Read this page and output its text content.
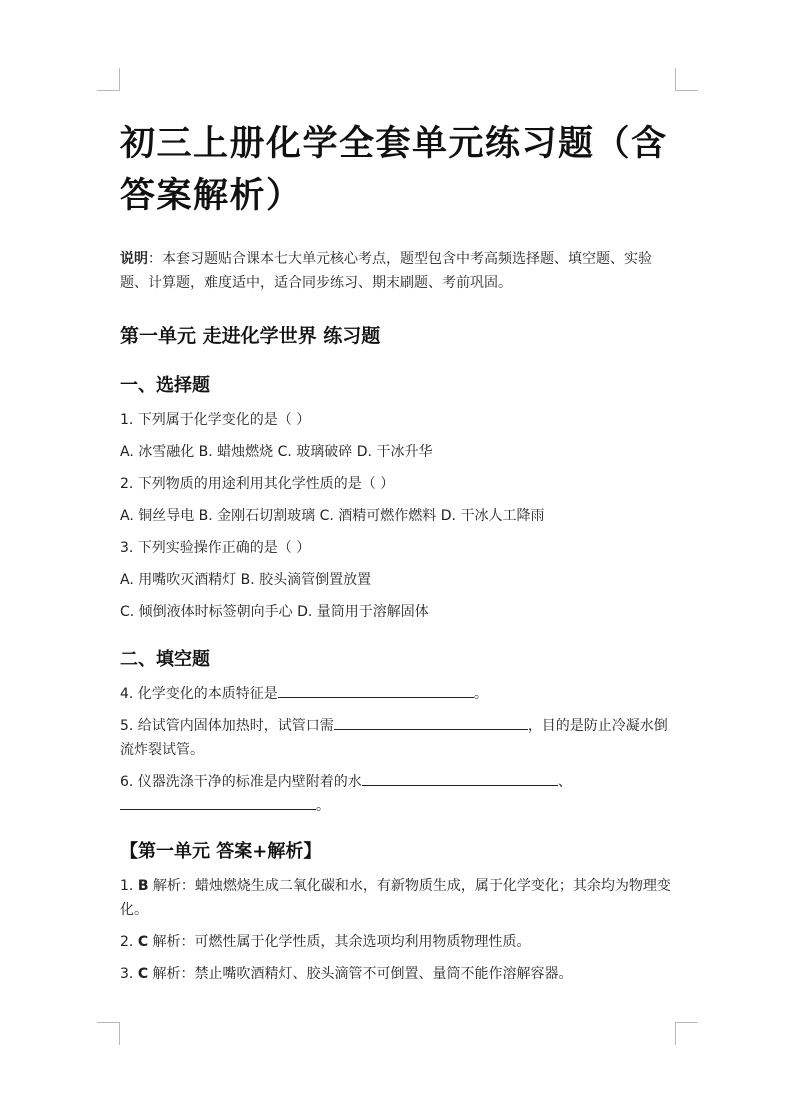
初三上册化学全套单元练习题（含答案解析）
说明：本套习题贴合课本七大单元核心考点，题型包含中考高频选择题、填空题、实验题、计算题，难度适中，适合同步练习、期末刷题、考前巩固。
第一单元 走进化学世界 练习题
一、选择题
1. 下列属于化学变化的是（ ）
A. 冰雪融化 B. 蜡烛燃烧 C. 玻璃破碎 D. 干冰升华
2. 下列物质的用途利用其化学性质的是（ ）
A. 铜丝导电 B. 金刚石切割玻璃 C. 酒精可燃作燃料 D. 干冰人工降雨
3. 下列实验操作正确的是（ ）
A. 用嘴吹灭酒精灯 B. 胶头滴管倒置放置
C. 倾倒液体时标签朝向手心 D. 量筒用于溶解固体
二、填空题
4. 化学变化的本质特征是	。
5. 给试管内固体加热时，试管口需	，目的是防止冷凝水倒流炸裂试管。
6. 仪器洗涤干净的标准是内壁附着的水	、。
【第一单元 答案+解析】
1. B 解析：蜡烛燃烧生成二氧化碳和水，有新物质生成，属于化学变化；其余均为物理变化。
2. C 解析：可燃性属于化学性质，其余选项均利用物质物理性质。
3. C 解析：禁止嘴吹酒精灯、胶头滴管不可倒置、量筒不能作溶解容器。
